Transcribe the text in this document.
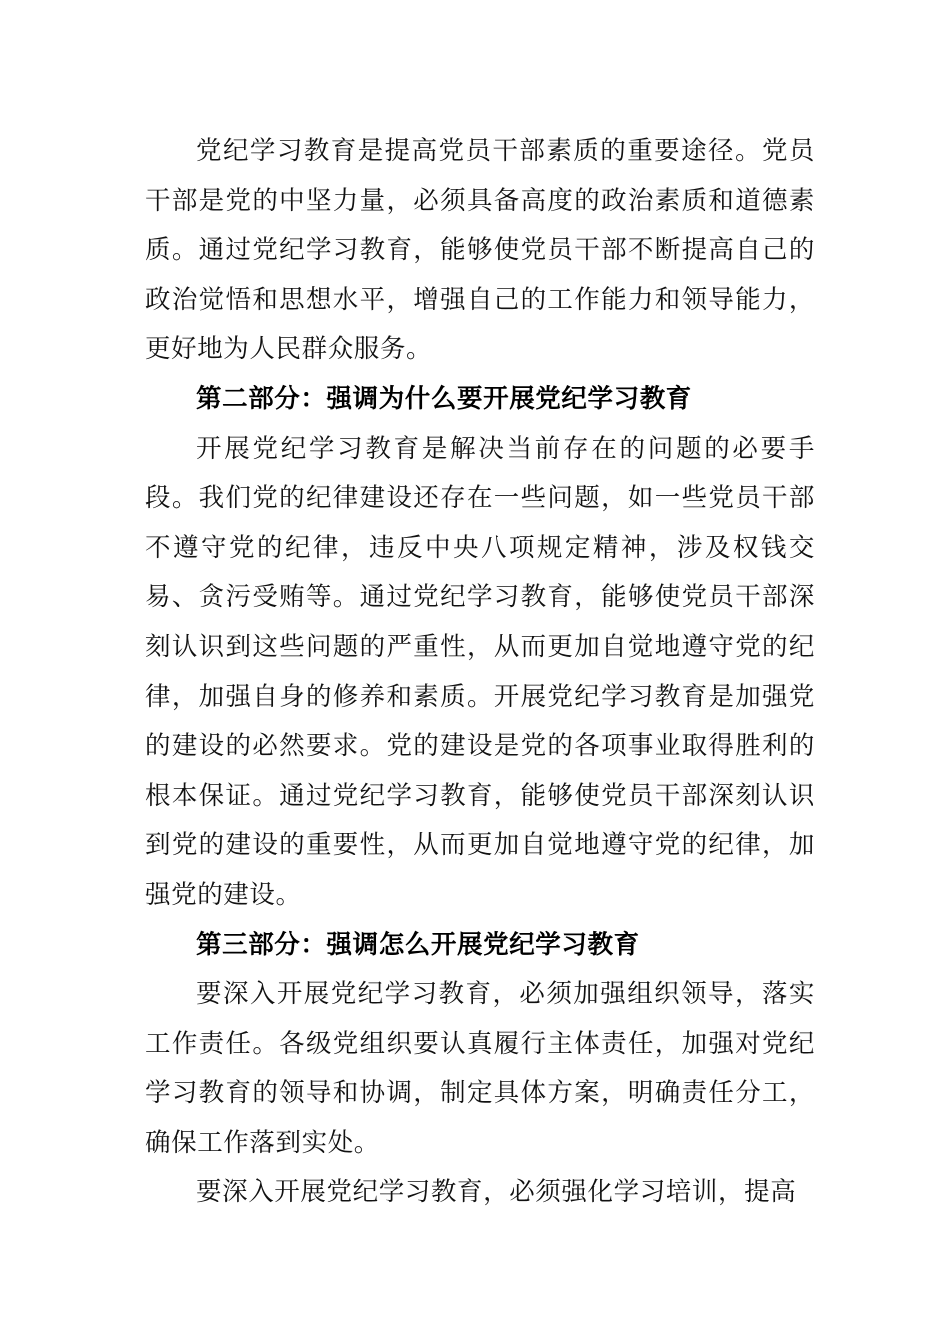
党纪学习教育是提高党员干部素质的重要途径。党员干部是党的中坚力量，必须具备高度的政治素质和道德素质。通过党纪学习教育，能够使党员干部不断提高自己的政治觉悟和思想水平，增强自己的工作能力和领导能力，更好地为人民群众服务。

第二部分：强调为什么要开展党纪学习教育

开展党纪学习教育是解决当前存在的问题的必要手段。我们党的纪律建设还存在一些问题，如一些党员干部不遵守党的纪律，违反中央八项规定精神，涉及权钱交易、贪污受贿等。通过党纪学习教育，能够使党员干部深刻认识到这些问题的严重性，从而更加自觉地遵守党的纪律，加强自身的修养和素质。开展党纪学习教育是加强党的建设的必然要求。党的建设是党的各项事业取得胜利的根本保证。通过党纪学习教育，能够使党员干部深刻认识到党的建设的重要性，从而更加自觉地遵守党的纪律，加强党的建设。

第三部分：强调怎么开展党纪学习教育

要深入开展党纪学习教育，必须加强组织领导，落实工作责任。各级党组织要认真履行主体责任，加强对党纪学习教育的领导和协调，制定具体方案，明确责任分工，确保工作落到实处。

要深入开展党纪学习教育，必须强化学习培训，提高
